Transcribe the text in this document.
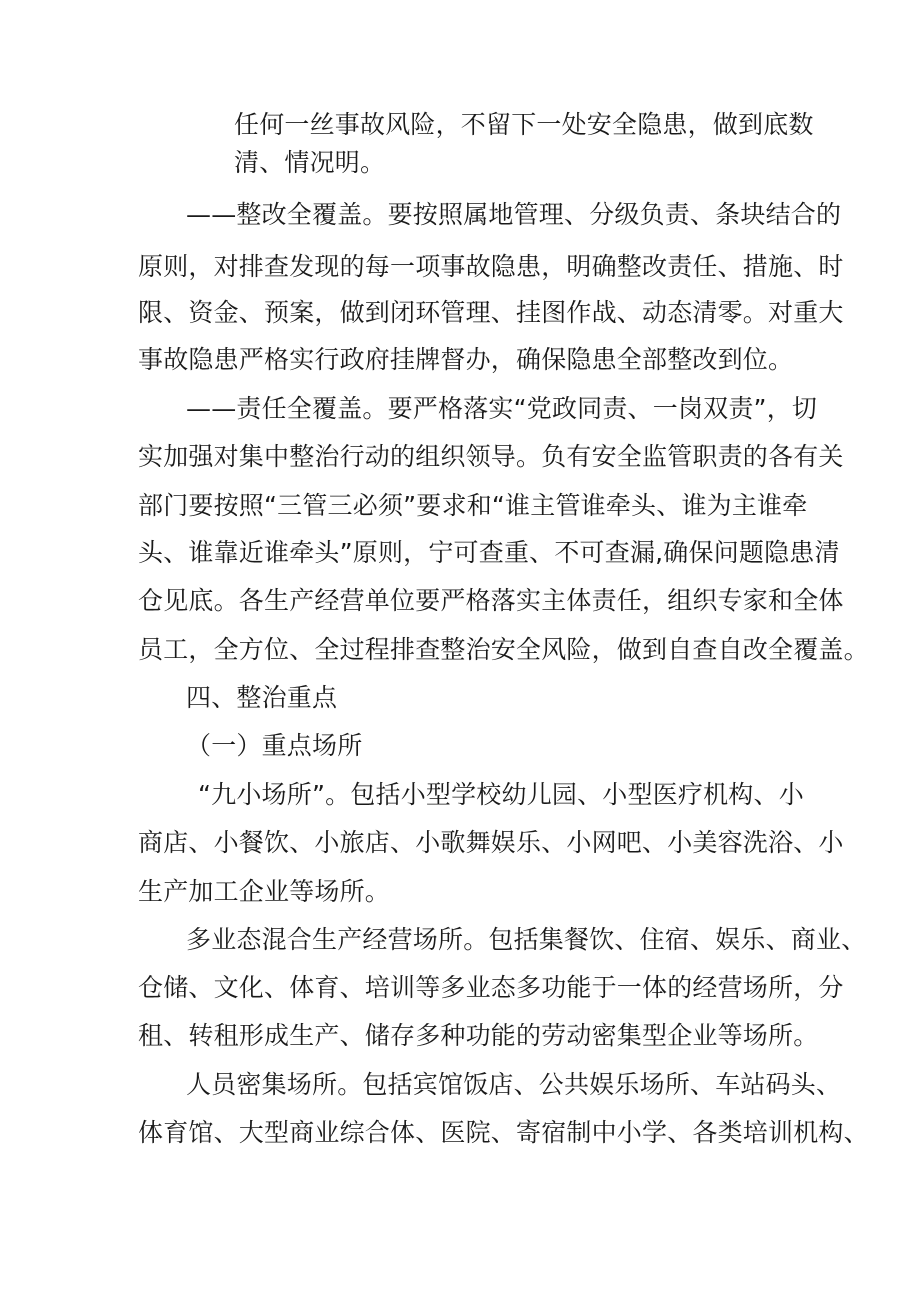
任何一丝事故风险，不留下一处安全隐患，做到底数
清、情况明。
——整改全覆盖。要按照属地管理、分级负责、条块结合的
原则，对排查发现的每一项事故隐患，明确整改责任、措施、时
限、资金、预案，做到闭环管理、挂图作战、动态清零。对重大
事故隐患严格实行政府挂牌督办，确保隐患全部整改到位。
——责任全覆盖。要严格落实“党政同责、一岗双责”，切
实加强对集中整治行动的组织领导。负有安全监管职责的各有关
部门要按照“三管三必须”要求和“谁主管谁牵头、谁为主谁牵
头、谁靠近谁牵头”原则，宁可查重、不可查漏,确保问题隐患清
仓见底。各生产经营单位要严格落实主体责任，组织专家和全体
员工，全方位、全过程排查整治安全风险，做到自查自改全覆盖。
四、整治重点
（一）重点场所
“九小场所”。包括小型学校幼儿园、小型医疗机构、小
商店、小餐饮、小旅店、小歌舞娱乐、小网吧、小美容洗浴、小
生产加工企业等场所。
多业态混合生产经营场所。包括集餐饮、住宿、娱乐、商业、
仓储、文化、体育、培训等多业态多功能于一体的经营场所，分
租、转租形成生产、储存多种功能的劳动密集型企业等场所。
人员密集场所。包括宾馆饭店、公共娱乐场所、车站码头、
体育馆、大型商业综合体、医院、寄宿制中小学、各类培训机构、
